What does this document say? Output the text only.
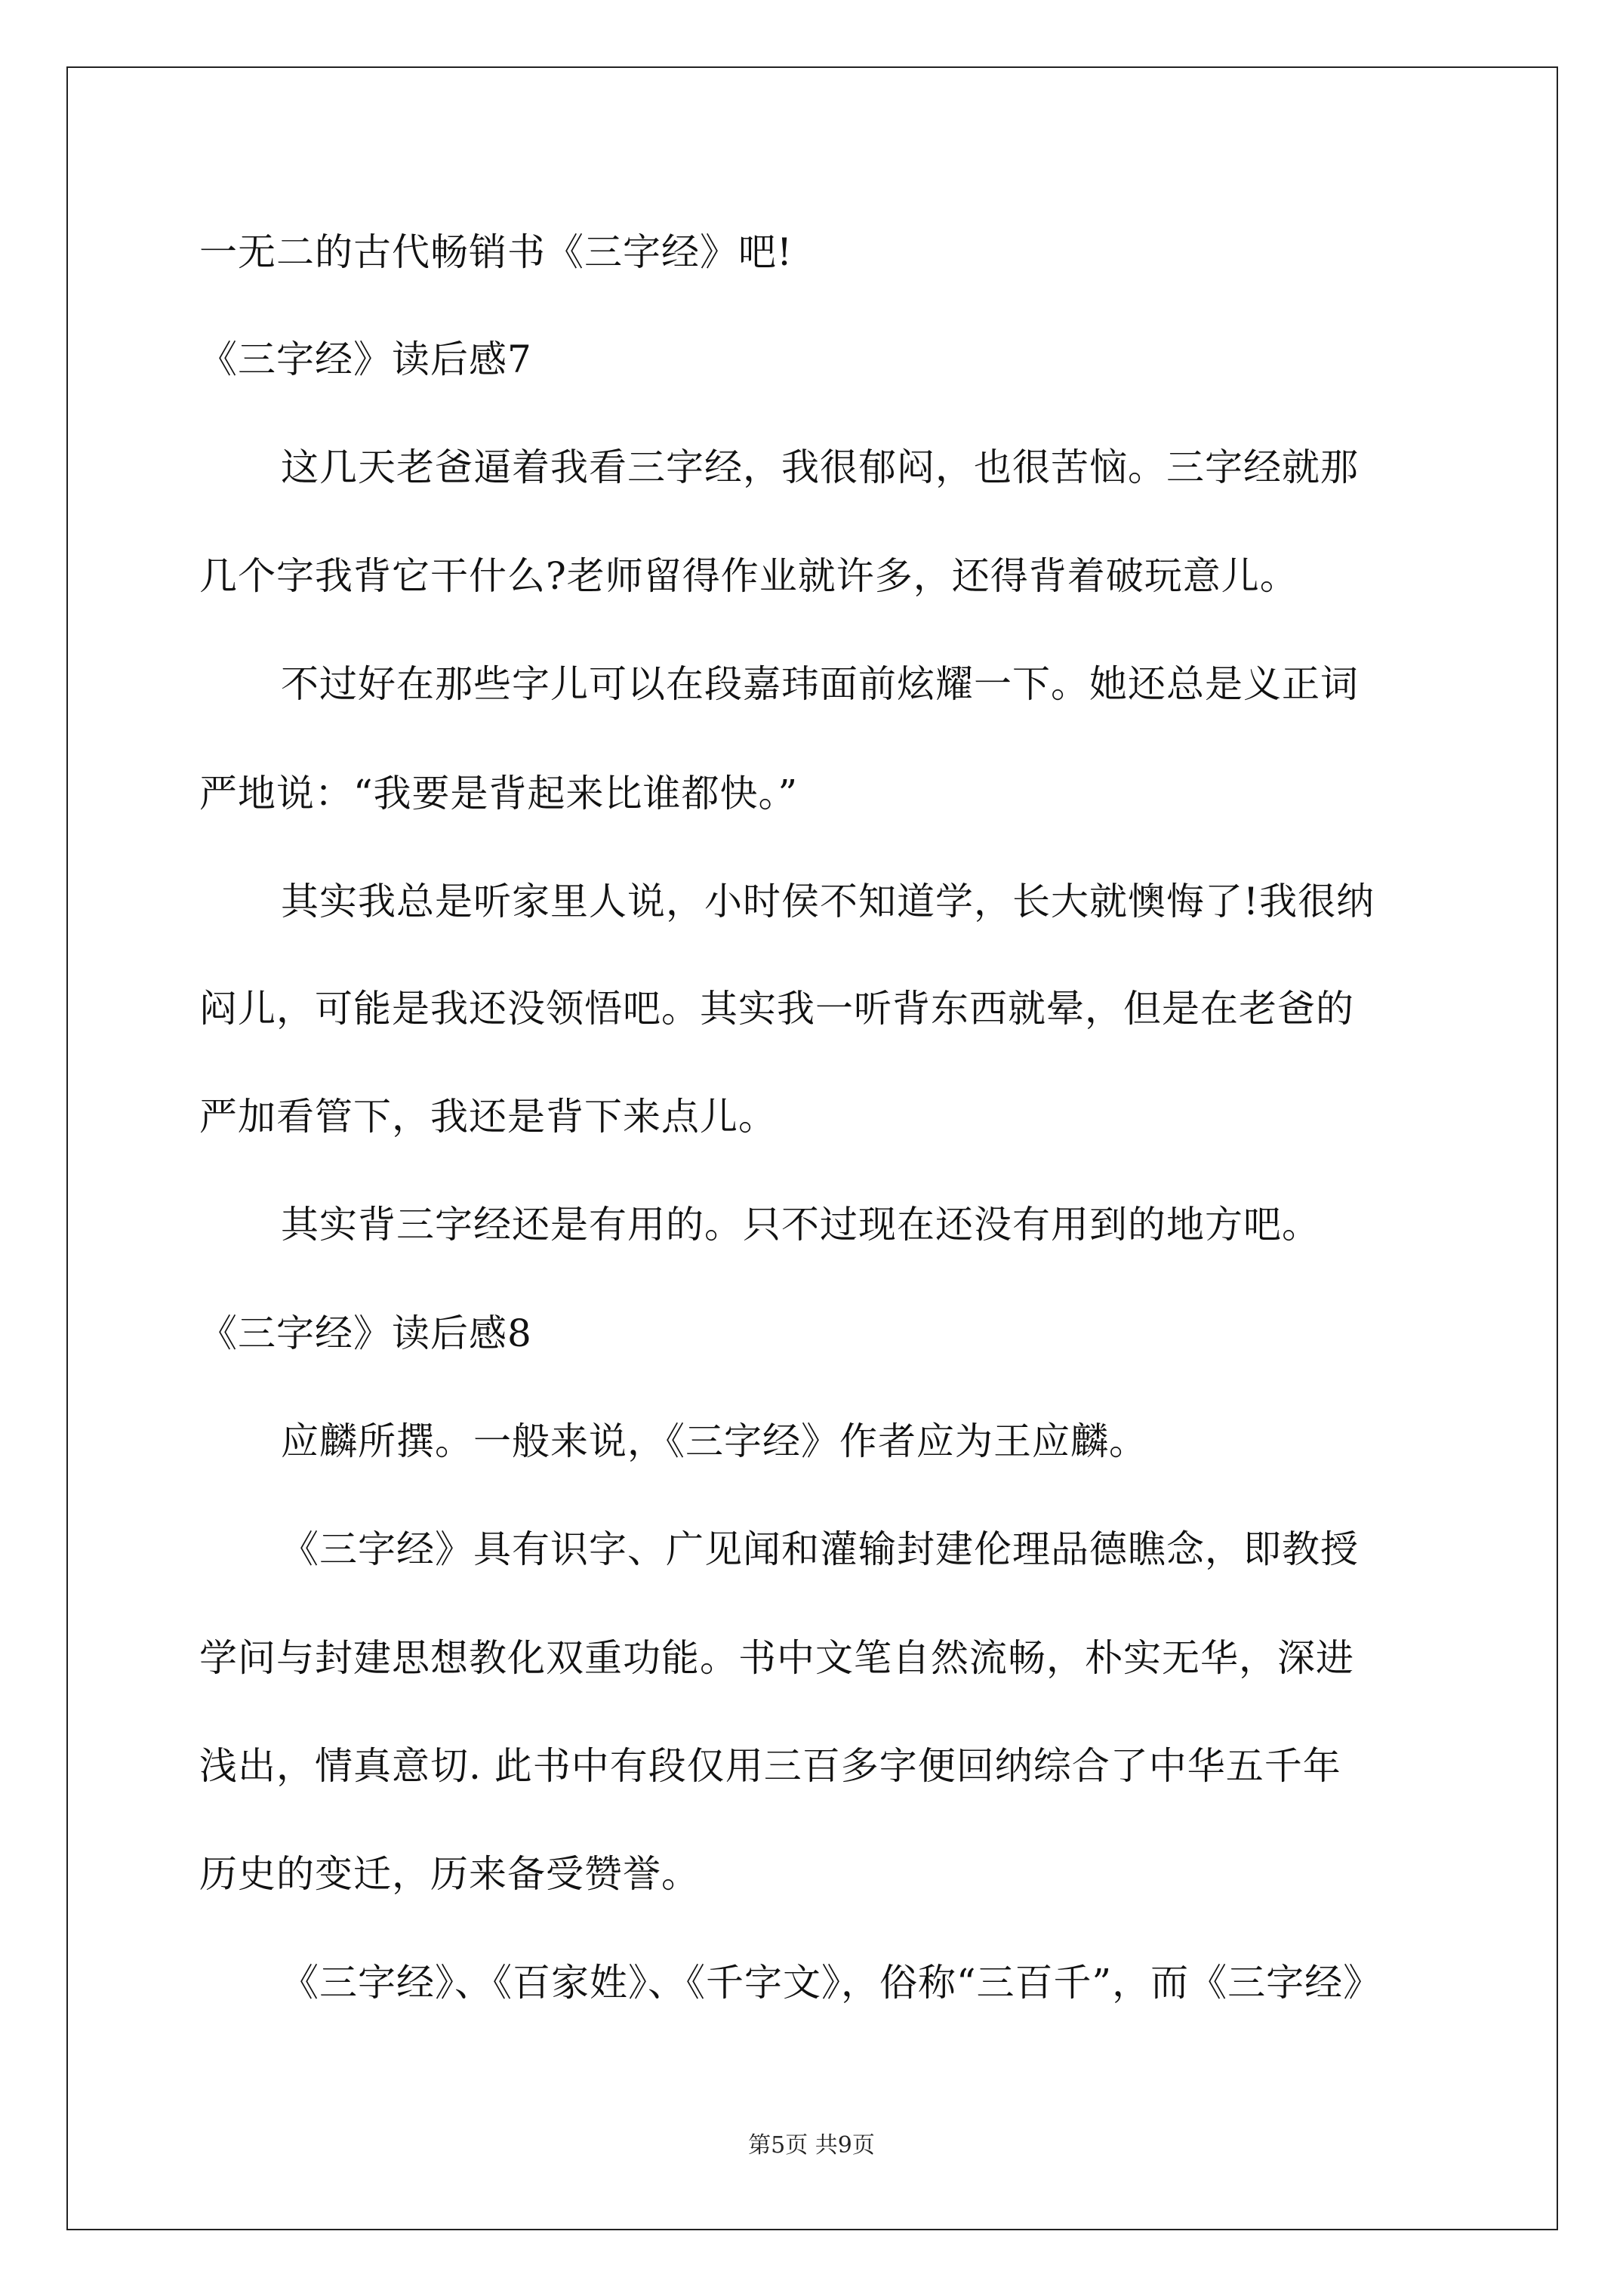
一无二的古代畅销书《三字经》吧!
《三字经》读后感7
这几天老爸逼着我看三字经，我很郁闷，也很苦恼。三字经就那
几个字我背它干什么?老师留得作业就许多，还得背着破玩意儿。
不过好在那些字儿可以在段嘉玮面前炫耀一下。她还总是义正词
严地说：“我要是背起来比谁都快。”
其实我总是听家里人说，小时侯不知道学，长大就懊悔了!我很纳
闷儿，可能是我还没领悟吧。其实我一听背东西就晕，但是在老爸的
严加看管下，我还是背下来点儿。
其实背三字经还是有用的。只不过现在还没有用到的地方吧。
《三字经》读后感8
应麟所撰。一般来说，《三字经》作者应为王应麟。
《三字经》具有识字、广见闻和灌输封建伦理品德瞧念，即教授
学问与封建思想教化双重功能。书中文笔自然流畅，朴实无华，深进
浅出，情真意切. 此书中有段仅用三百多字便回纳综合了中华五千年
历史的变迁，历来备受赞誉。
《三字经》、《百家姓》、《千字文》，俗称“三百千”，而《三字经》
第5页 共9页
